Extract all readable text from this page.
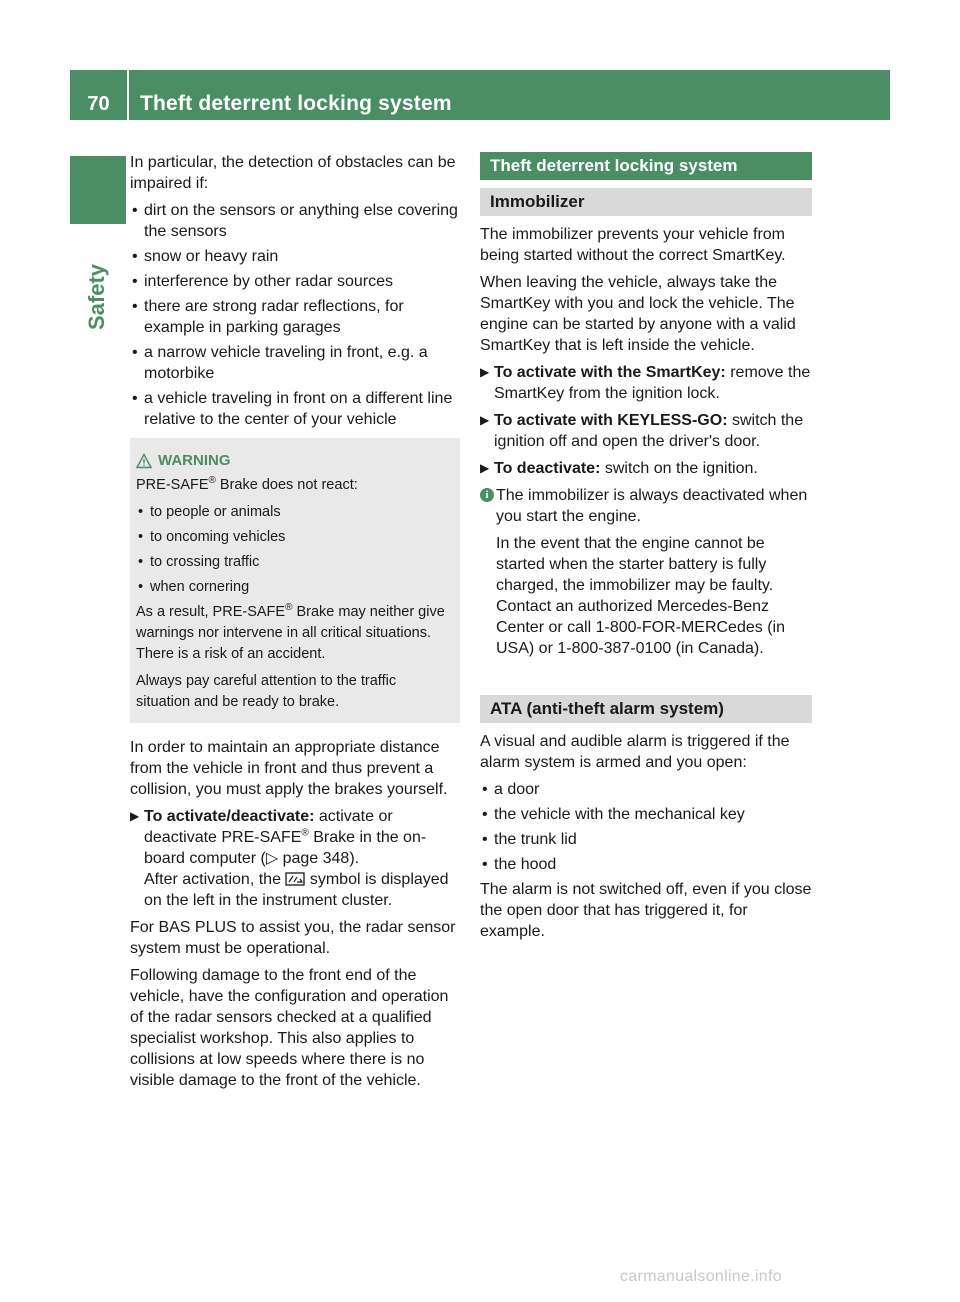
70	Theft deterrent locking system
Safety

In particular, the detection of obstacles can be impaired if:

• dirt on the sensors or anything else covering the sensors
• snow or heavy rain
• interference by other radar sources
• there are strong radar reflections, for example in parking garages
• a narrow vehicle traveling in front, e.g. a motorbike
• a vehicle traveling in front on a different line relative to the center of your vehicle
WARNING

PRE-SAFE® Brake does not react:

• to people or animals
• to oncoming vehicles
• to crossing traffic
• when cornering

As a result, PRE-SAFE® Brake may neither give warnings nor intervene in all critical situations. There is a risk of an accident.

Always pay careful attention to the traffic situation and be ready to brake.

In order to maintain an appropriate distance from the vehicle in front and thus prevent a collision, you must apply the brakes yourself.

▶ To activate/deactivate: activate or deactivate PRE-SAFE® Brake in the on-board computer (▷ page 348).
After activation, the  symbol is displayed on the left in the instrument cluster.

For BAS PLUS to assist you, the radar sensor system must be operational.

Following damage to the front end of the vehicle, have the configuration and operation of the radar sensors checked at a qualified specialist workshop. This also applies to collisions at low speeds where there is no visible damage to the front of the vehicle.

Theft deterrent locking system
Immobilizer

The immobilizer prevents your vehicle from being started without the correct SmartKey.

When leaving the vehicle, always take the SmartKey with you and lock the vehicle. The engine can be started by anyone with a valid SmartKey that is left inside the vehicle.

▶ To activate with the SmartKey: remove the SmartKey from the ignition lock.
▶ To activate with KEYLESS-GO: switch the ignition off and open the driver's door.
▶ To deactivate: switch on the ignition.
i The immobilizer is always deactivated when you start the engine.

In the event that the engine cannot be started when the starter battery is fully charged, the immobilizer may be faulty. Contact an authorized Mercedes-Benz Center or call 1-800-FOR-MERCedes (in USA) or 1-800-387-0100 (in Canada).

ATA (anti-theft alarm system)

A visual and audible alarm is triggered if the alarm system is armed and you open:

• a door
• the vehicle with the mechanical key
• the trunk lid
• the hood

The alarm is not switched off, even if you close the open door that has triggered it, for example.

carmanualsonline.info
